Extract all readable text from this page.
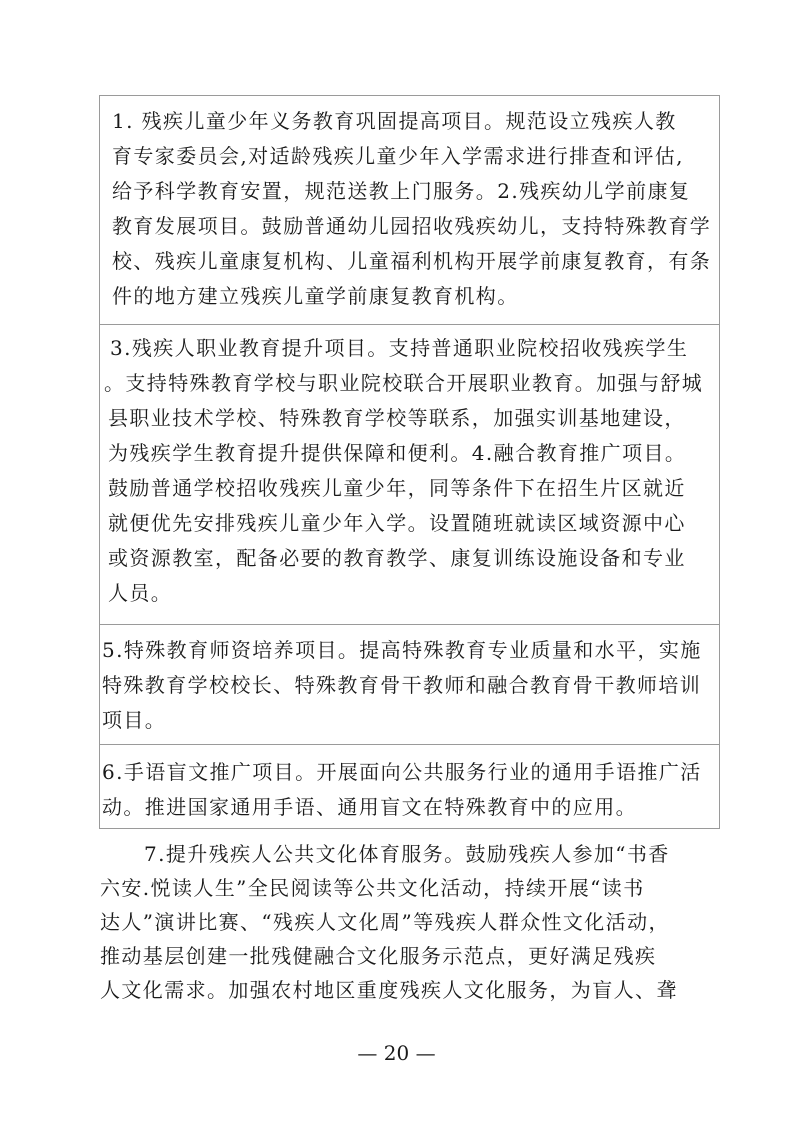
1. 残疾儿童少年义务教育巩固提高项目。规范设立残疾人教
育专家委员会,对适龄残疾儿童少年入学需求进行排查和评估,
给予科学教育安置，规范送教上门服务。2.残疾幼儿学前康复
教育发展项目。鼓励普通幼儿园招收残疾幼儿，支持特殊教育学
校、残疾儿童康复机构、儿童福利机构开展学前康复教育，有条
件的地方建立残疾儿童学前康复教育机构。
3.残疾人职业教育提升项目。支持普通职业院校招收残疾学生
。支持特殊教育学校与职业院校联合开展职业教育。加强与舒城
县职业技术学校、特殊教育学校等联系，加强实训基地建设，
为残疾学生教育提升提供保障和便利。4.融合教育推广项目。
鼓励普通学校招收残疾儿童少年，同等条件下在招生片区就近
就便优先安排残疾儿童少年入学。设置随班就读区域资源中心
或资源教室，配备必要的教育教学、康复训练设施设备和专业
人员。
5.特殊教育师资培养项目。提高特殊教育专业质量和水平，实施
特殊教育学校校长、特殊教育骨干教师和融合教育骨干教师培训
项目。
6.手语盲文推广项目。开展面向公共服务行业的通用手语推广活
动。推进国家通用手语、通用盲文在特殊教育中的应用。
7.提升残疾人公共文化体育服务。鼓励残疾人参加“书香
六安.悦读人生”全民阅读等公共文化活动，持续开展“读书
达人”演讲比赛、“残疾人文化周”等残疾人群众性文化活动，
推动基层创建一批残健融合文化服务示范点，更好满足残疾
人文化需求。加强农村地区重度残疾人文化服务，为盲人、聋
— 20 —
